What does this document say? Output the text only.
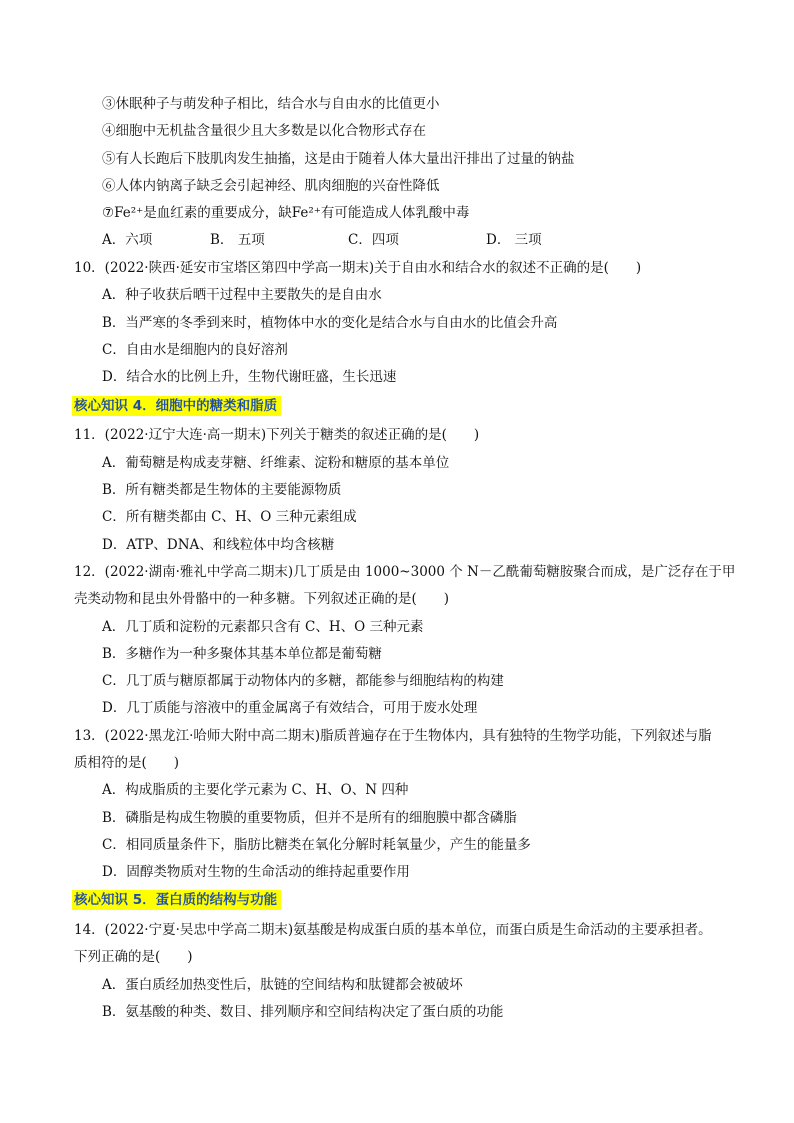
③休眠种子与萌发种子相比，结合水与自由水的比值更小
④细胞中无机盐含量很少且大多数是以化合物形式存在
⑤有人长跑后下肢肌肉发生抽搐，这是由于随着人体大量出汗排出了过量的钠盐
⑥人体内钠离子缺乏会引起神经、肌肉细胞的兴奋性降低
⑦Fe²⁺是血红素的重要成分，缺Fe²⁺有可能造成人体乳酸中毒
A．六项	B． 五项	C．四项	D． 三项
10．(2022·陕西·延安市宝塔区第四中学高一期末)关于自由水和结合水的叙述不正确的是(　　)
A．种子收获后晒干过程中主要散失的是自由水
B．当严寒的冬季到来时，植物体中水的变化是结合水与自由水的比值会升高
C．自由水是细胞内的良好溶剂
D．结合水的比例上升，生物代谢旺盛，生长迅速
核心知识 4．细胞中的糖类和脂质
11．(2022·辽宁大连·高一期末)下列关于糖类的叙述正确的是(　　)
A．葡萄糖是构成麦芽糖、纤维素、淀粉和糖原的基本单位
B．所有糖类都是生物体的主要能源物质
C．所有糖类都由 C、H、O 三种元素组成
D．ATP、DNA、和线粒体中均含核糖
12．(2022·湖南·雅礼中学高二期末)几丁质是由 1000~3000 个 N－乙酰葡萄糖胺聚合而成，是广泛存在于甲
壳类动物和昆虫外骨骼中的一种多糖。下列叙述正确的是(　　)
A．几丁质和淀粉的元素都只含有 C、H、O 三种元素
B．多糖作为一种多聚体其基本单位都是葡萄糖
C．几丁质与糖原都属于动物体内的多糖，都能参与细胞结构的构建
D．几丁质能与溶液中的重金属离子有效结合，可用于废水处理
13．(2022·黑龙江·哈师大附中高二期末)脂质普遍存在于生物体内，具有独特的生物学功能，下列叙述与脂
质相符的是(　　)
A．构成脂质的主要化学元素为 C、H、O、N 四种
B．磷脂是构成生物膜的重要物质，但并不是所有的细胞膜中都含磷脂
C．相同质量条件下，脂肪比糖类在氧化分解时耗氧量少，产生的能量多
D．固醇类物质对生物的生命活动的维持起重要作用
核心知识 5．蛋白质的结构与功能
14．(2022·宁夏·吴忠中学高二期末)氨基酸是构成蛋白质的基本单位，而蛋白质是生命活动的主要承担者。
下列正确的是(　　)
A．蛋白质经加热变性后，肽链的空间结构和肽键都会被破坏
B．氨基酸的种类、数目、排列顺序和空间结构决定了蛋白质的功能
